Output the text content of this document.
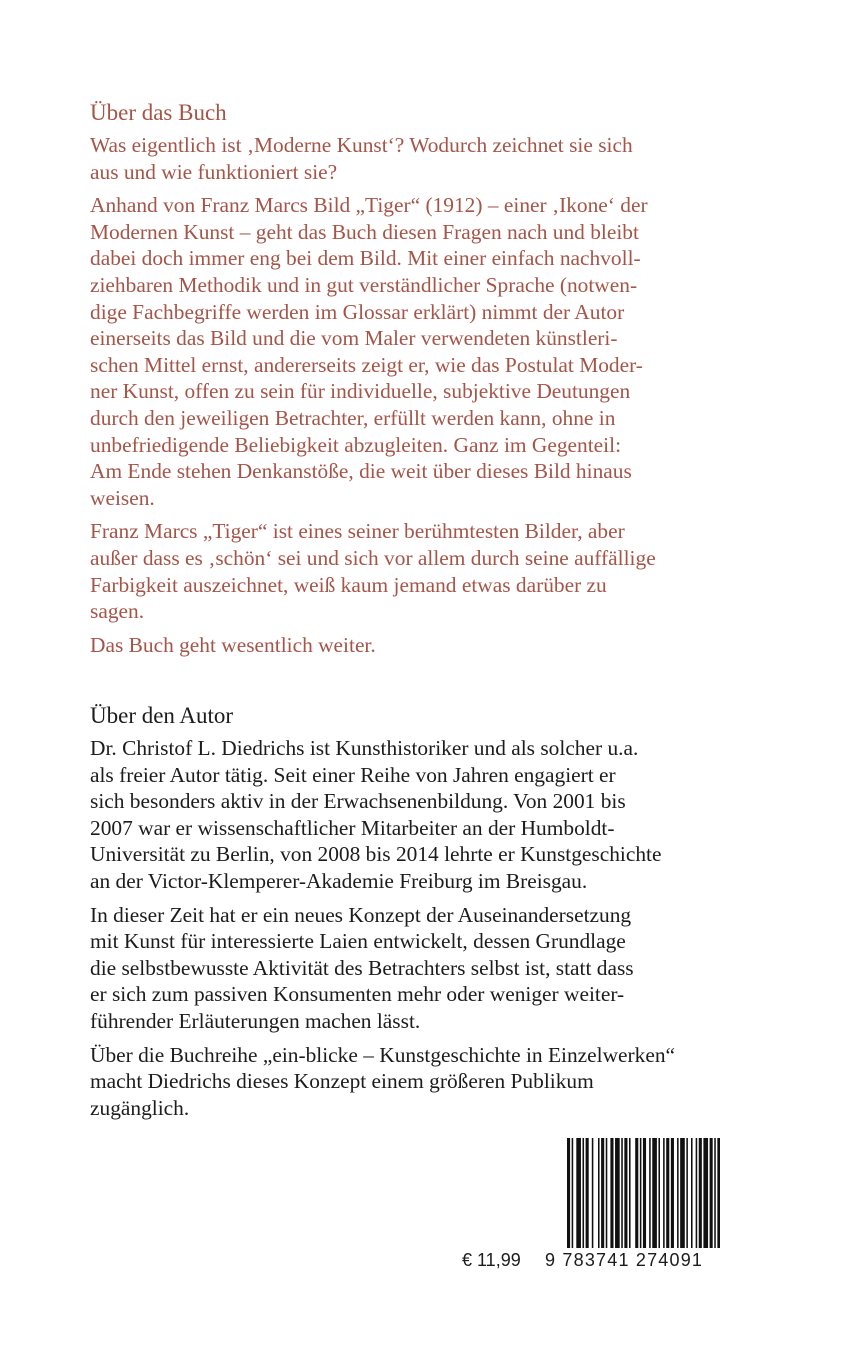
Über das Buch

Was eigentlich ist ‚Moderne Kunst‘? Wodurch zeichnet sie sich
aus und wie funktioniert sie?

Anhand von Franz Marcs Bild „Tiger“ (1912) – einer ‚Ikone‘ der
Modernen Kunst – geht das Buch diesen Fragen nach und bleibt
dabei doch immer eng bei dem Bild. Mit einer einfach nachvoll-
ziehbaren Methodik und in gut verständlicher Sprache (notwen-
dige Fachbegriffe werden im Glossar erklärt) nimmt der Autor
einerseits das Bild und die vom Maler verwendeten künstleri-
schen Mittel ernst, andererseits zeigt er, wie das Postulat Moder-
ner Kunst, offen zu sein für individuelle, subjektive Deutungen
durch den jeweiligen Betrachter, erfüllt werden kann, ohne in
unbefriedigende Beliebigkeit abzugleiten. Ganz im Gegenteil:
Am Ende stehen Denkanstöße, die weit über dieses Bild hinaus
weisen.

Franz Marcs „Tiger“ ist eines seiner berühmtesten Bilder, aber
außer dass es ‚schön‘ sei und sich vor allem durch seine auffällige
Farbigkeit auszeichnet, weiß kaum jemand etwas darüber zu
sagen.

Das Buch geht wesentlich weiter.

Über den Autor

Dr. Christof L. Diedrichs ist Kunsthistoriker und als solcher u.a.
als freier Autor tätig. Seit einer Reihe von Jahren engagiert er
sich besonders aktiv in der Erwachsenenbildung. Von 2001 bis
2007 war er wissenschaftlicher Mitarbeiter an der Humboldt-
Universität zu Berlin, von 2008 bis 2014 lehrte er Kunstgeschichte
an der Victor-Klemperer-Akademie Freiburg im Breisgau.

In dieser Zeit hat er ein neues Konzept der Auseinandersetzung
mit Kunst für interessierte Laien entwickelt, dessen Grundlage
die selbstbewusste Aktivität des Betrachters selbst ist, statt dass
er sich zum passiven Konsumenten mehr oder weniger weiter-
führender Erläuterungen machen lässt.

Über die Buchreihe „ein-blicke – Kunstgeschichte in Einzelwerken“
macht Diedrichs dieses Konzept einem größeren Publikum
zugänglich.

€ 11,99 9 783741 274091
